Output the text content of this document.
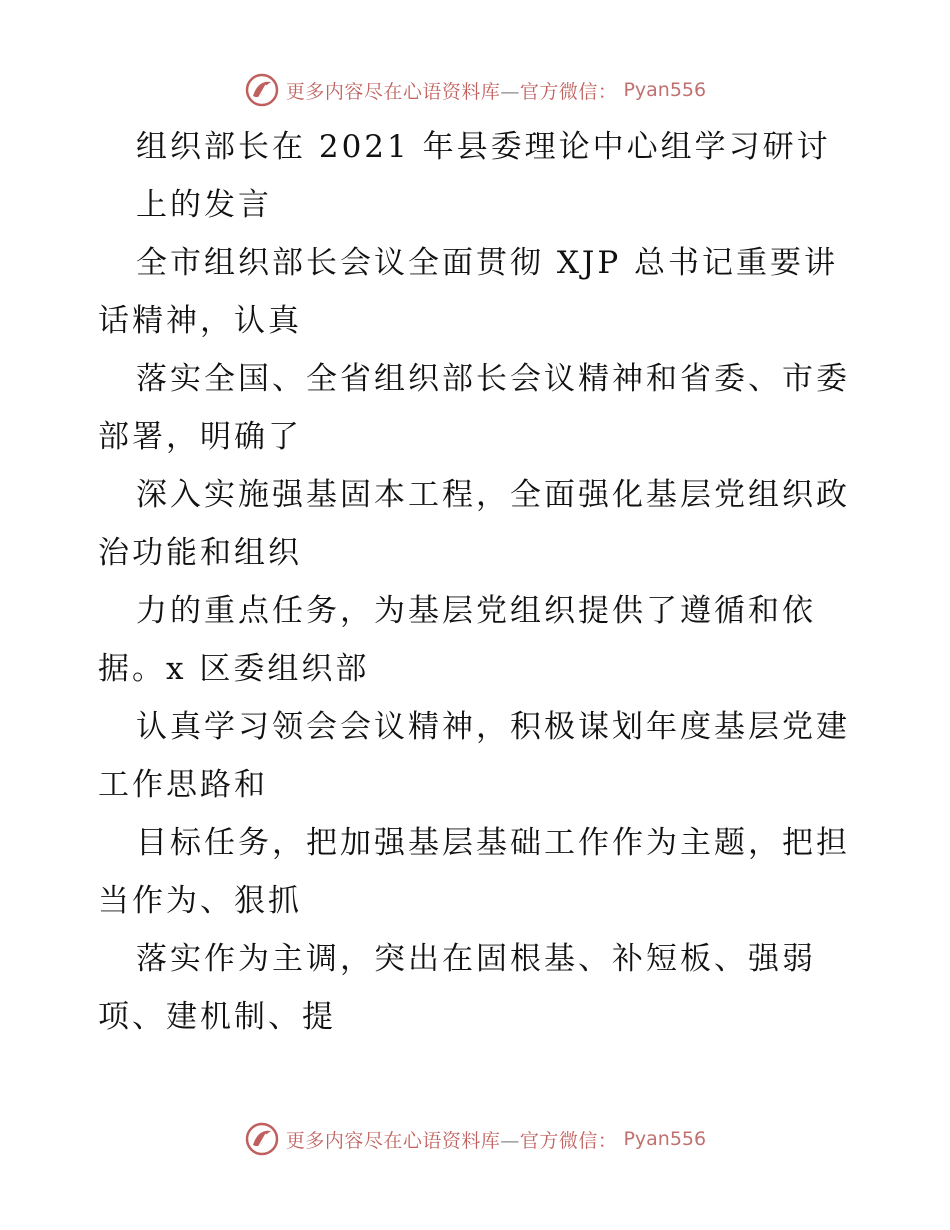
更多内容尽在心语资料库—官方微信： Pyan556
组织部长在 2021 年县委理论中心组学习研讨
上的发言
全市组织部长会议全面贯彻 XJP 总书记重要讲
话精神，认真
落实全国、全省组织部长会议精神和省委、市委
部署，明确了
深入实施强基固本工程，全面强化基层党组织政
治功能和组织
力的重点任务，为基层党组织提供了遵循和依
据。x 区委组织部
认真学习领会会议精神，积极谋划年度基层党建
工作思路和
目标任务，把加强基层基础工作作为主题，把担
当作为、狠抓
落实作为主调，突出在固根基、补短板、强弱
项、建机制、提
更多内容尽在心语资料库—官方微信： Pyan556
